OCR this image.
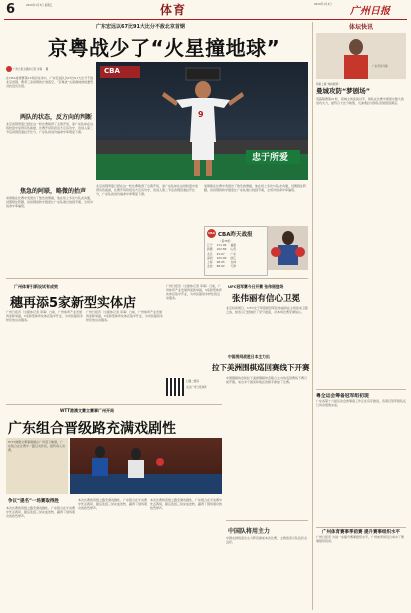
6	2020年1月3日 星期五	体育	2020年1月3日
广州日报
广东宏远以67比91大比分不敌北京首钢
京粤战少了“火星撞地球”
广州日报全媒体记者 李海 　摄
在CBA常规赛第21轮的对决中，广东宏远队以67比91大比分不敌北京首钢，赛季三杀首钢的计划落空，“京粤战”火星撞地球的激烈对抗没有出现。
9
CBA
忠于所爱
两队的状态，反方向的判断
北京首钢男篮已经在这一轮比赛取得了全胜开局，而广东队却在这场较量中显得有些疲惫，比赛开局阶段双方互有攻守，但进入第二节后首钢迅速拉开比分，广东队的进攻端命中率明显下滑。
焦急的阿联，略微的抬声
易建联在比赛中表现出了焦急的情绪，他在场上多次与队友沟通，试图稳住阵脚，但首钢的防守强度让广东队难以找到节奏，全场外线命中率偏低。
北京首钢男篮已经在这一轮比赛取得了全胜开局，而广东队却在这场较量中显得有些疲惫，比赛开局阶段双方互有攻守，但进入第二节后首钢迅速拉开比分，广东队的进攻端命中率明显下滑。
易建联在比赛中表现出了焦急的情绪，他在场上多次与队友沟通，试图稳住阵脚，但首钢的防守强度让广东队难以找到节奏，全场外线命中率偏低。
CBA CBA昨天战报
（第35轮）
辽宁	111:98	福建
新疆	102:86	山西
北京	91:67	广东
深圳	105:99	浙江
上海	98:95	吉林
北控	88:92	天津
广州体育引新设试有成效
穗再添5家新型实体店
广州日报讯（全媒体记者 李海）日前，广州体育产业发展再迎新举措，5家新型体育实体店集中开业，为市民提供多样化的运动服务。
广州日报讯（全媒体记者 李海）日前，广州体育产业发展再迎新举措，5家新型体育实体店集中开业，为市民提供多样化的运动服务。
广州日报讯（全媒体记者 李海）日前，广州体育产业发展再迎新举措，5家新型体育实体店集中开业，为市民提供多样化的运动服务。
扫描二维码
关注广州日报体育
UFC冠军赛今日开赛 张伟丽登场
张伟丽有信心卫冕
北京时间周日，UFC女子草量级冠军张伟丽将在主场迎来卫冕之战，她表示已经做好了充分准备，对本场比赛充满信心。
中国男网战胜日本主力出
拉下美洲围棋巡回赛线下开赛
中国围棋协会和拉下美洲围棋协会联合主办的巡回赛线下赛日前开幕，来自多个国家和地区的棋手参加了比赛。
WTT港澳文赛立赛事广州开局
广东组合晋级路充满戏剧性
WTT港澳文赛事刚刚在广州落下帷幕，广东组合在比赛中一路过关斩将，最终闯入决赛。
争议“提名”一场赛取得胜
本次比赛的晋级之路充满戏剧性，广东组合在半决赛中先丢两局，随后连扳三局完成逆转，赢得了现场观众的热烈掌声。
本次比赛的晋级之路充满戏剧性，广东组合在半决赛中先丢两局，随后连扳三局完成逆转，赢得了现场观众的热烈掌声。
本次比赛的晋级之路充满戏剧性，广东组合在半决赛中先丢两局，随后连扳三局完成逆转，赢得了现场观众的热烈掌声。
中国队将用主力
中国女排将派出主力阵容参加本次比赛，主教练表示队伍状态良好。
体坛快讯
广东宏远外援
周星上演“单挑救赎”
曼城攻防“梦剧场”
英超联赛第21轮，曼城主场迎战对手，球队在比赛中展现出强大的进攻火力，最终以大比分取胜，瓜迪奥拉对球队表现感到满意。
粤全运会筹备冠军组初现
广东省第十六届运动会的筹备工作正在有序推进，各项目冠军组队伍已初步组建完成。
广州体育赛事季前赛 提升赛事组织水平
广州日报讯 为进一步提升赛事组织水平，广州体育局近日举办了赛事组织培训。
